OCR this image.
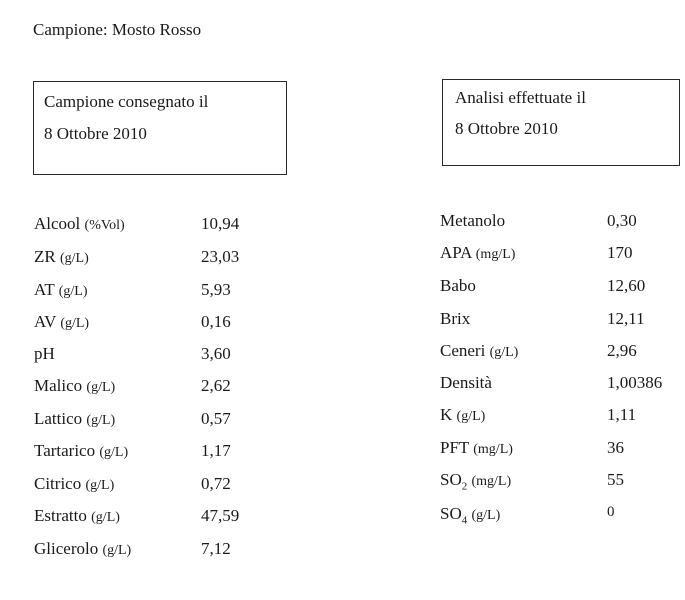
Campione: Mosto Rosso
Campione consegnato il
8 Ottobre 2010
Analisi effettuate il
8 Ottobre 2010
Alcool (%Vol)	10,94
ZR (g/L)	23,03
AT (g/L)	5,93
AV (g/L)	0,16
pH	3,60
Malico (g/L)	2,62
Lattico (g/L)	0,57
Tartarico (g/L)	1,17
Citrico (g/L)	0,72
Estratto (g/L)	47,59
Glicerolo (g/L)	7,12
Metanolo	0,30
APA (mg/L)	170
Babo	12,60
Brix	12,11
Ceneri (g/L)	2,96
Densità	1,00386
K (g/L)	1,11
PFT (mg/L)	36
$SO_2$ (mg/L)	55
$SO_4$ (g/L)	0
